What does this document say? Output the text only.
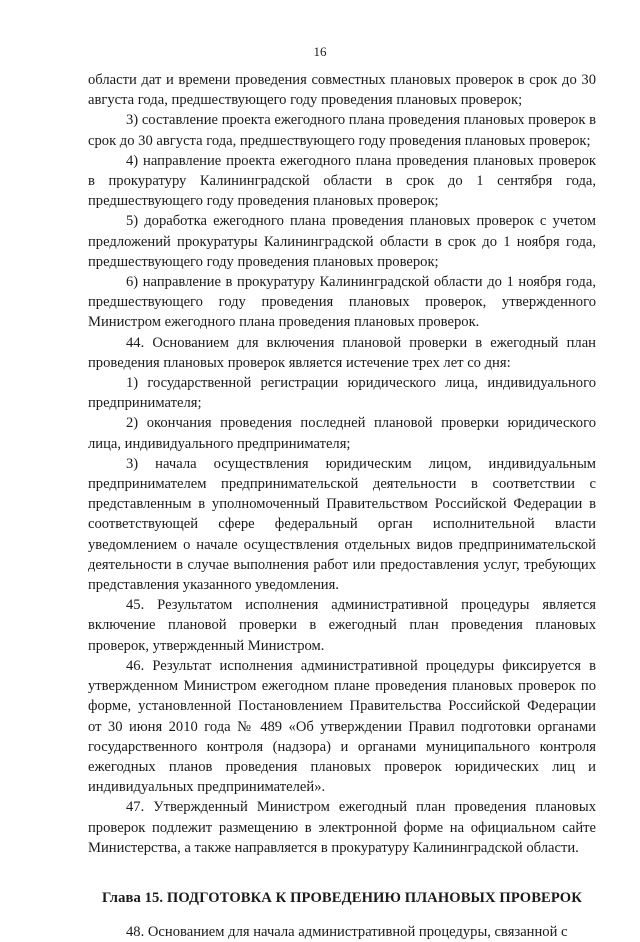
16

области дат и времени проведения совместных плановых проверок в срок до 30 августа года, предшествующего году проведения плановых проверок;

3) составление проекта ежегодного плана проведения плановых проверок в срок до 30 августа года, предшествующего году проведения плановых проверок;

4) направление проекта ежегодного плана проведения плановых проверок в прокуратуру Калининградской области в срок до 1 сентября года, предшествующего году проведения плановых проверок;

5) доработка ежегодного плана проведения плановых проверок с учетом предложений прокуратуры Калининградской области в срок до 1 ноября года, предшествующего году проведения плановых проверок;

6) направление в прокуратуру Калининградской области до 1 ноября года, предшествующего году проведения плановых проверок, утвержденного Министром ежегодного плана проведения плановых проверок.

44. Основанием для включения плановой проверки в ежегодный план проведения плановых проверок является истечение трех лет со дня:

1) государственной регистрации юридического лица, индивидуального предпринимателя;

2) окончания проведения последней плановой проверки юридического лица, индивидуального предпринимателя;

3) начала осуществления юридическим лицом, индивидуальным предпринимателем предпринимательской деятельности в соответствии с представленным в уполномоченный Правительством Российской Федерации в соответствующей сфере федеральный орган исполнительной власти уведомлением о начале осуществления отдельных видов предпринимательской деятельности в случае выполнения работ или предоставления услуг, требующих представления указанного уведомления.

45. Результатом исполнения административной процедуры является включение плановой проверки в ежегодный план проведения плановых проверок, утвержденный Министром.

46. Результат исполнения административной процедуры фиксируется в утвержденном Министром ежегодном плане проведения плановых проверок по форме, установленной Постановлением Правительства Российской Федерации от 30 июня 2010 года № 489 «Об утверждении Правил подготовки органами государственного контроля (надзора) и органами муниципального контроля ежегодных планов проведения плановых проверок юридических лиц и индивидуальных предпринимателей».

47. Утвержденный Министром ежегодный план проведения плановых проверок подлежит размещению в электронной форме на официальном сайте Министерства, а также направляется в прокуратуру Калининградской области.

Глава 15. ПОДГОТОВКА К ПРОВЕДЕНИЮ ПЛАНОВЫХ ПРОВЕРОК

48. Основанием для начала административной процедуры, связанной с
